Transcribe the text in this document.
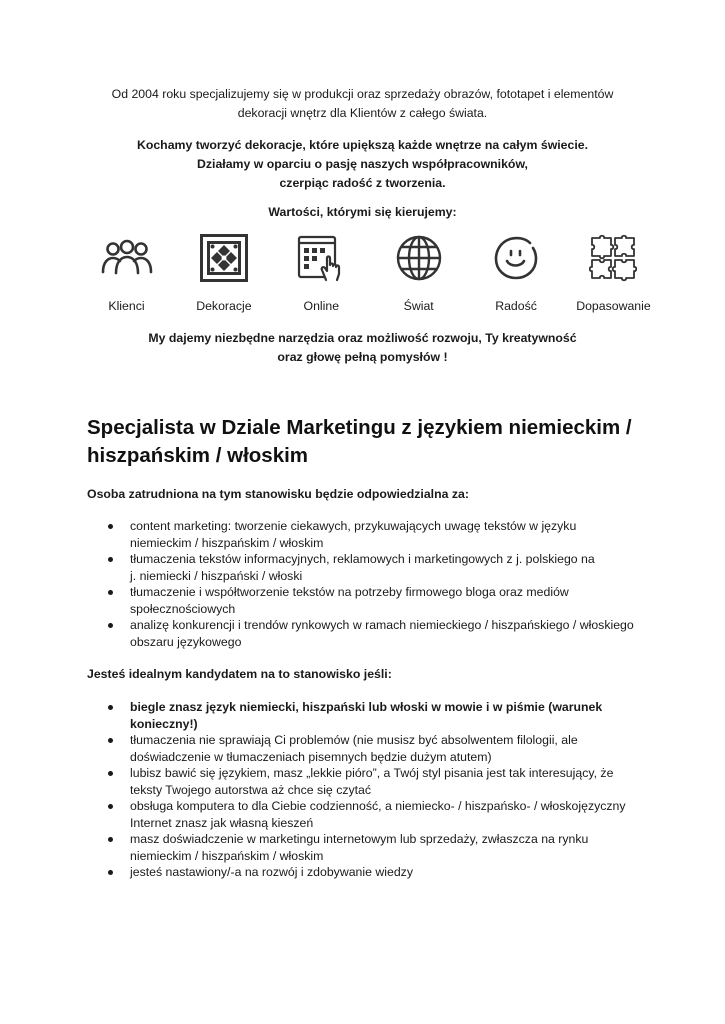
Od 2004 roku specjalizujemy się w produkcji oraz sprzedaży obrazów, fototapet i elementów
dekoracji wnętrz dla Klientów z całego świata.
Kochamy tworzyć dekoracje, które upiększą każde wnętrze na całym świecie.
Działamy w oparciu o pasję naszych współpracowników,
czerpiąc radość z tworzenia.
Wartości, którymi się kierujemy:
Klienci	Dekoracje	Online	Świat	Radość	Dopasowanie
My dajemy niezbędne narzędzia oraz możliwość rozwoju, Ty kreatywność
oraz głowę pełną pomysłów !
Specjalista w Dziale Marketingu z językiem niemieckim /
hiszpańskim / włoskim
Osoba zatrudniona na tym stanowisku będzie odpowiedzialna za:
content marketing: tworzenie ciekawych, przykuwających uwagę tekstów w języku
niemieckim / hiszpańskim / włoskim
tłumaczenia tekstów informacyjnych, reklamowych i marketingowych z j. polskiego na
j. niemiecki / hiszpański / włoski
tłumaczenie i współtworzenie tekstów na potrzeby firmowego bloga oraz mediów
społecznościowych
analizę konkurencji i trendów rynkowych w ramach niemieckiego / hiszpańskiego / włoskiego
obszaru językowego
Jesteś idealnym kandydatem na to stanowisko jeśli:
biegle znasz język niemiecki, hiszpański lub włoski w mowie i w piśmie (warunek
konieczny!)
tłumaczenia nie sprawiają Ci problemów (nie musisz być absolwentem filologii, ale
doświadczenie w tłumaczeniach pisemnych będzie dużym atutem)
lubisz bawić się językiem, masz „lekkie pióro”, a Twój styl pisania jest tak interesujący, że
teksty Twojego autorstwa aż chce się czytać
obsługa komputera to dla Ciebie codzienność, a niemiecko- / hiszpańsko- / włoskojęzyczny
Internet znasz jak własną kieszeń
masz doświadczenie w marketingu internetowym lub sprzedaży, zwłaszcza na rynku
niemieckim / hiszpańskim / włoskim
jesteś nastawiony/-a na rozwój i zdobywanie wiedzy
